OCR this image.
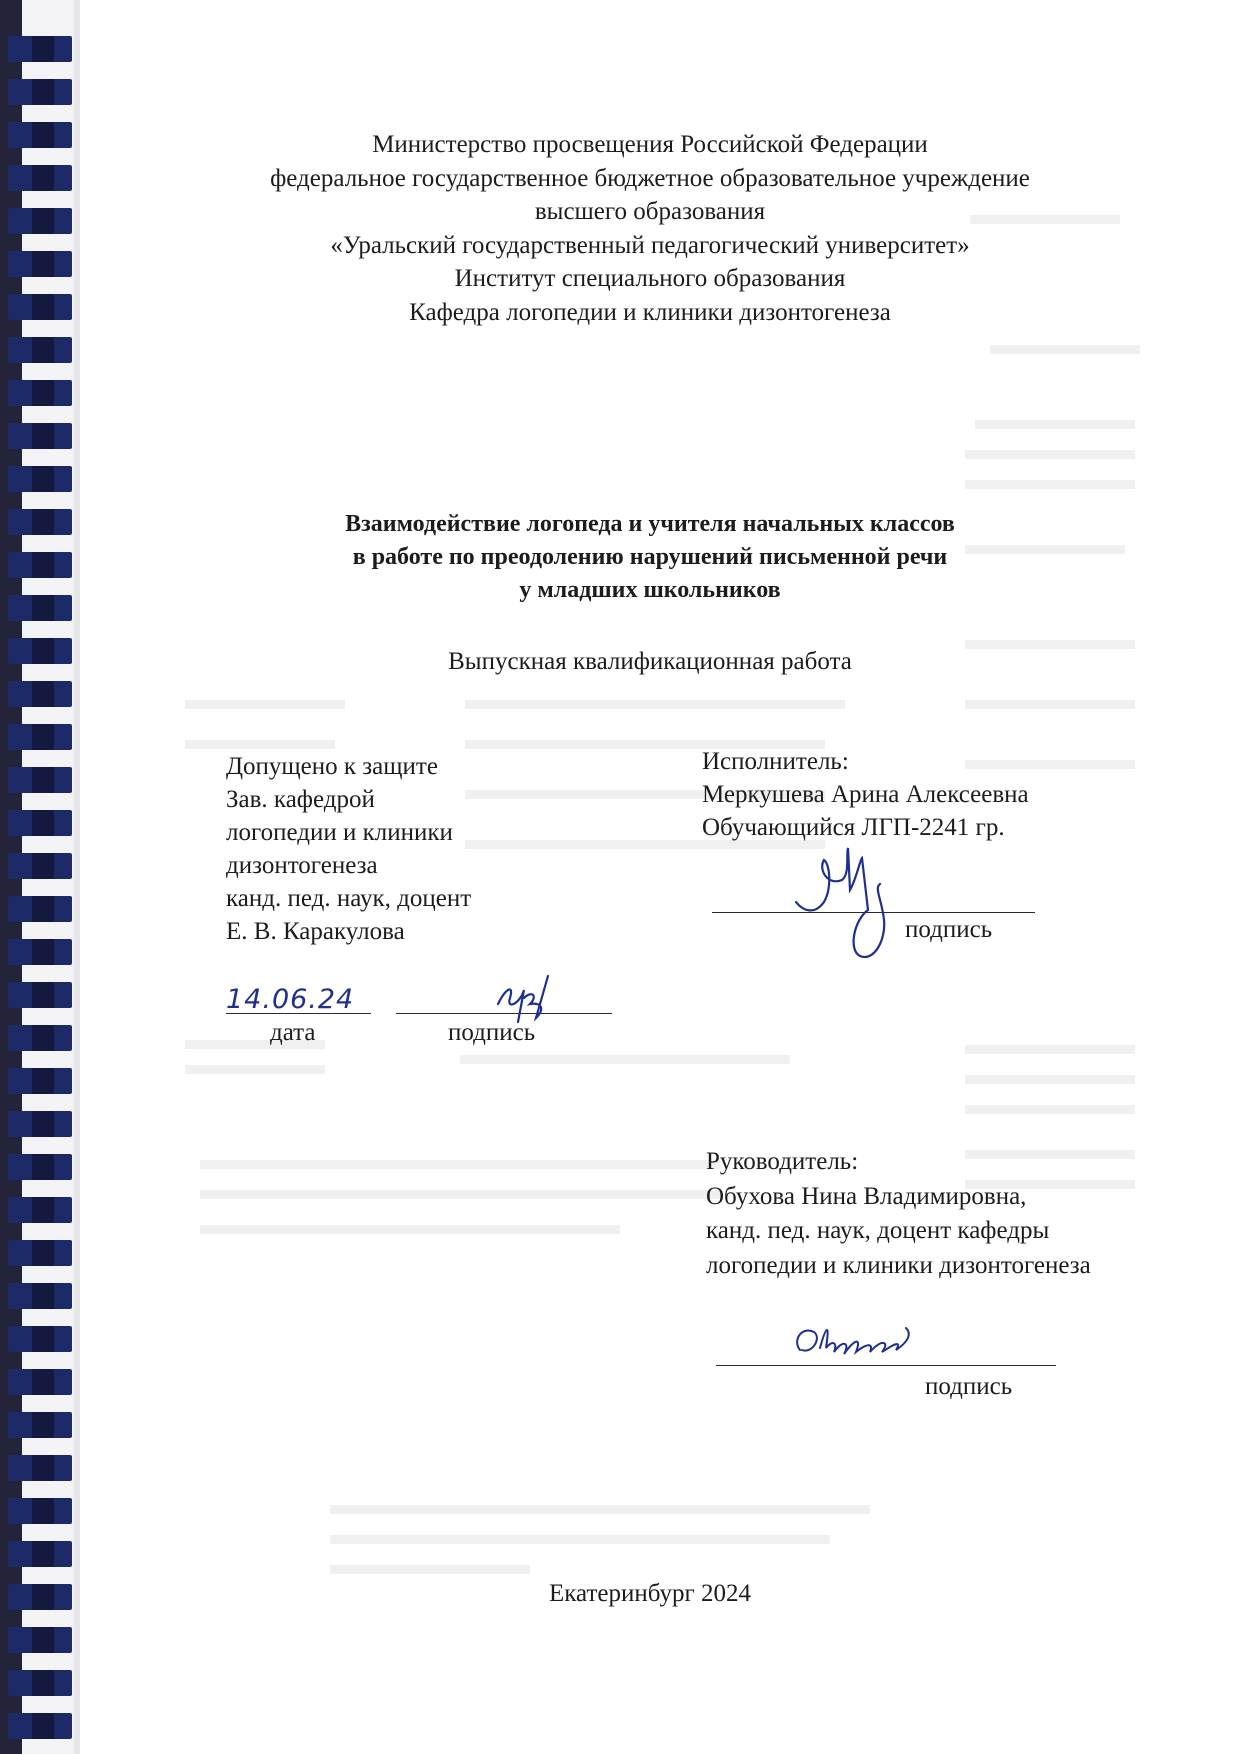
Министерство просвещения Российской Федерации
федеральное государственное бюджетное образовательное учреждение
высшего образования
«Уральский государственный педагогический университет»
Институт специального образования
Кафедра логопедии и клиники дизонтогенеза
Взаимодействие логопеда и учителя начальных классов
в работе по преодолению нарушений письменной речи
у младших школьников
Выпускная квалификационная работа
Допущено к защите
Зав. кафедрой
логопедии и клиники
дизонтогенеза
канд. пед. наук, доцент
Е. В. Каракулова
14.06.24
дата	подпись
Исполнитель:
Меркушева Арина Алексеевна
Обучающийся ЛГП-2241 гр.
подпись
Руководитель:
Обухова Нина Владимировна,
канд. пед. наук, доцент кафедры
логопедии и клиники дизонтогенеза
подпись
Екатеринбург 2024
